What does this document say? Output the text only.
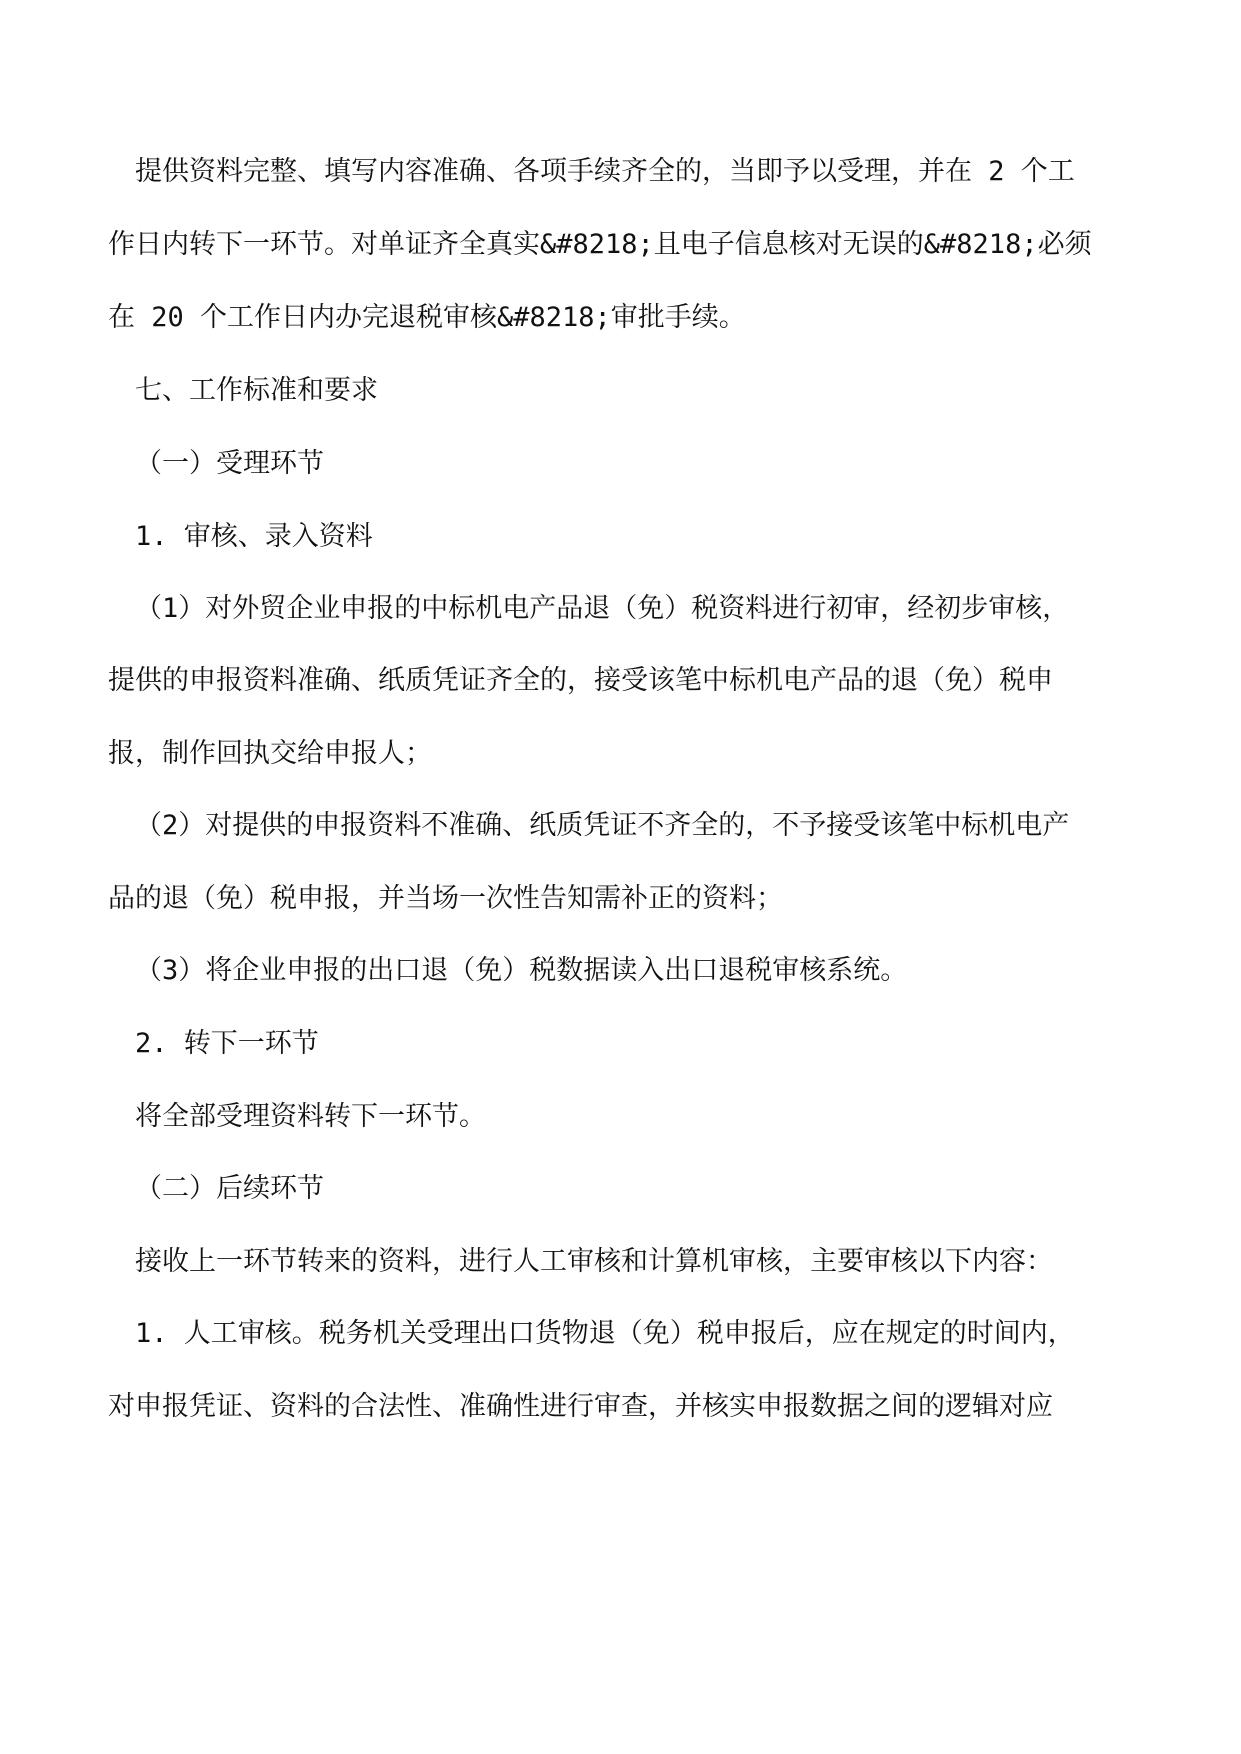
提供资料完整、填写内容准确、各项手续齐全的，当即予以受理，并在 2 个工
作日内转下一环节。对单证齐全真实&#8218;且电子信息核对无误的&#8218;必须
在 20 个工作日内办完退税审核&#8218;审批手续。
七、工作标准和要求
（一）受理环节
1. 审核、录入资料
（1）对外贸企业申报的中标机电产品退（免）税资料进行初审，经初步审核，
提供的申报资料准确、纸质凭证齐全的，接受该笔中标机电产品的退（免）税申
报，制作回执交给申报人；
（2）对提供的申报资料不准确、纸质凭证不齐全的，不予接受该笔中标机电产
品的退（免）税申报，并当场一次性告知需补正的资料；
（3）将企业申报的出口退（免）税数据读入出口退税审核系统。
2. 转下一环节
将全部受理资料转下一环节。
（二）后续环节
接收上一环节转来的资料，进行人工审核和计算机审核，主要审核以下内容：
1. 人工审核。税务机关受理出口货物退（免）税申报后，应在规定的时间内，
对申报凭证、资料的合法性、准确性进行审查，并核实申报数据之间的逻辑对应
